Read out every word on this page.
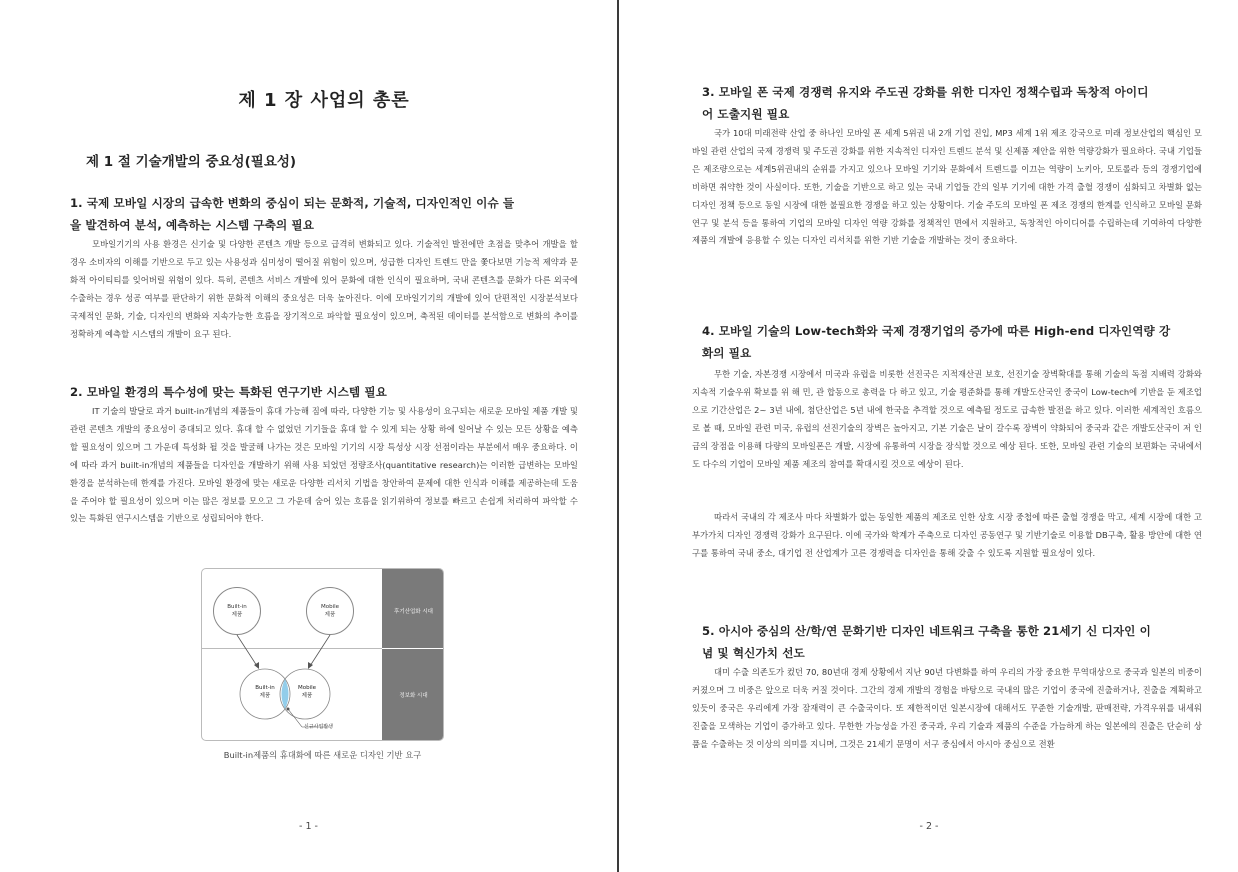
제 1 장 사업의 총론
제 1 절 기술개발의 중요성(필요성)
1. 국제 모바일 시장의 급속한 변화의 중심이 되는 문화적, 기술적, 디자인적인 이슈 들
을 발견하여 분석, 예측하는 시스템 구축의 필요
모바일기기의 사용 환경은 신기술 및 다양한 콘텐츠 개발 등으로 급격히 변화되고 있다. 기술적인 발전에만 초점을 맞추어 개발을 할 경우 소비자의 이해를 기반으로 두고 있는 사용성과 심미성이 떨어질 위험이 있으며, 성급한 디자인 트렌드 만을 쫓다보면 기능적 제약과 문화적 아이티티를 잊어버릴 위험이 있다. 특히, 콘텐츠 서비스 개발에 있어 문화에 대한 인식이 필요하며, 국내 콘텐츠를 문화가 다른 외국에 수출하는 경우 성공 여부를 판단하기 위한 문화적 이해의 중요성은 더욱 높아진다. 이에 모바일기기의 개발에 있어 단편적인 시장분석보다 국제적인 문화, 기술, 디자인의 변화와 지속가능한 흐름을 장기적으로 파악할 필요성이 있으며, 축적된 데이터를 분석함으로 변화의 추이를 정확하게 예측할 시스템의 개발이 요구 된다.
2. 모바일 환경의 특수성에 맞는 특화된 연구기반 시스템 필요
IT 기술의 발달로 과거 built-in개념의 제품들이 휴대 가능해 짐에 따라, 다양한 기능 및 사용성이 요구되는 새로운 모바일 제품 개발 및 관련 콘텐츠 개발의 중요성이 증대되고 있다. 휴대 할 수 없었던 기기들을 휴대 할 수 있게 되는 상황 하에 일어날 수 있는 모든 상황을 예측 할 필요성이 있으며 그 가운데 특성화 될 것을 발굴해 나가는 것은 모바일 기기의 시장 특성상 시장 선점이라는 부분에서 매우 중요하다. 이에 따라 과거 built-in개념의 제품들을 디자인을 개발하기 위해 사용 되었던 정량조사(quantitative research)는 이러한 급변하는 모바일 환경을 분석하는데 한계를 가진다. 모바일 환경에 맞는 새로운 다양한 리서치 기법을 창안하여 문제에 대한 인식과 이해를 제공하는데 도움을 주어야 할 필요성이 있으며 이는 많은 정보를 모으고 그 가운데 숨어 있는 흐름을 읽기위하여 정보를 빠르고 손쉽게 처리하여 파악할 수 있는 특화된 연구시스템을 기반으로 성립되어야 한다.
후기산업화 시대
정보화 시대
Built-in
제품
Mobile
제품
Built-in
제품
Mobile
제품
신규사업발생
Built-in제품의 휴대화에 따른 새로운 디자인 기반 요구
- 1 -
3. 모바일 폰 국제 경쟁력 유지와 주도권 강화를 위한 디자인 정책수립과 독창적 아이디
어 도출지원 필요
국가 10대 미래전략 산업 중 하나인 모바일 폰 세계 5위권 내 2개 기업 진입, MP3 세계 1위 제조 강국으로 미래 정보산업의 핵심인 모바일 관련 산업의 국제 경쟁력 및 주도권 강화를 위한 지속적인 디자인 트렌드 분석 및 신제품 제안을 위한 역량강화가 필요하다. 국내 기업들은 제조량으로는 세계5위권내의 순위를 가지고 있으나 모바일 기기와 문화에서 트렌드를 이끄는 역량이 노키아, 모토롤라 등의 경쟁기업에 비하면 취약한 것이 사실이다. 또한, 기술을 기반으로 하고 있는 국내 기업들 간의 일부 기기에 대한 가격 출혈 경쟁이 심화되고 차별화 없는 디자인 정책 등으로 동일 시장에 대한 불필요한 경쟁을 하고 있는 상황이다. 기술 주도의 모바일 폰 제조 경쟁의 한계를 인식하고 모바일 문화 연구 및 분석 등을 통하여 기업의 모바일 디자인 역량 강화를 정책적인 면에서 지원하고, 독창적인 아이디어를 수립하는데 기여하여 다양한 제품의 개발에 응용할 수 있는 디자인 리서치를 위한 기반 기술을 개발하는 것이 중요하다.
4. 모바일 기술의 Low-tech화와 국제 경쟁기업의 증가에 따른 High-end 디자인역량 강
화의 필요
무한 기술, 자본경쟁 시장에서 미국과 유럽을 비롯한 선진국은 지적재산권 보호, 선진기술 장벽확대를 통해 기술의 독점 지배력 강화와 지속적 기술우위 확보를 위 해 민, 관 합동으로 총력을 다 하고 있고, 기술 평준화를 통해 개발도산국인 중국이 Low-tech에 기반을 둔 제조업으로 기간산업은 2~ 3년 내에, 첨단산업은 5년 내에 한국을 추격할 것으로 예측될 정도로 급속한 발전을 하고 있다. 이러한 세계적인 흐름으로 볼 때, 모바일 관련 미국, 유럽의 선진기술의 장벽은 높아지고, 기본 기술은 날이 갈수록 장벽이 약화되어 중국과 같은 개발도산국이 저 인금의 장점을 이용해 다량의 모바일폰은 개발, 시장에 유통하여 시장을 장식할 것으로 예상 된다. 또한, 모바일 관련 기술의 보편화는 국내에서도 다수의 기업이 모바일 제품 제조의 참여를 확대시킬 것으로 예상이 된다.
따라서 국내의 각 제조사 마다 차별화가 없는 동일한 제품의 제조로 인한 상호 시장 중첩에 따른 출혈 경쟁을 막고, 세계 시장에 대한 고부가가치 디자인 경쟁력 강화가 요구된다. 이에 국가와 학계가 주축으로 디자인 공동연구 및 기반기술로 이용할 DB구축, 활용 방안에 대한 연구를 통하여 국내 중소, 대기업 전 산업계가 고른 경쟁력을 디자인을 통해 갖출 수 있도록 지원할 필요성이 있다.
5. 아시아 중심의 산/학/연 문화기반 디자인 네트워크 구축을 통한 21세기 신 디자인 이
념 및 혁신가치 선도
대미 수출 의존도가 컸던 70, 80년대 경제 상황에서 지난 90년 다변화를 하여 우리의 가장 중요한 무역대상으로 중국과 일본의 비중이 커졌으며 그 비중은 앞으로 더욱 커질 것이다. 그간의 경제 개발의 경험을 바탕으로 국내의 많은 기업이 중국에 진출하거나, 진출을 계획하고 있듯이 중국은 우리에게 가장 잠재력이 큰 수출국이다. 또 제한적이던 일본시장에 대해서도 꾸준한 기술개발, 판매전략, 가격우위를 내세워 진출을 모색하는 기업이 증가하고 있다. 무한한 가능성을 가진 중국과, 우리 기술과 제품의 수준을 가늠하게 하는 일본에의 진출은 단순히 상품을 수출하는 것 이상의 의미를 지니며, 그것은 21세기 문명이 서구 중심에서 아시아 중심으로 전환
- 2 -
